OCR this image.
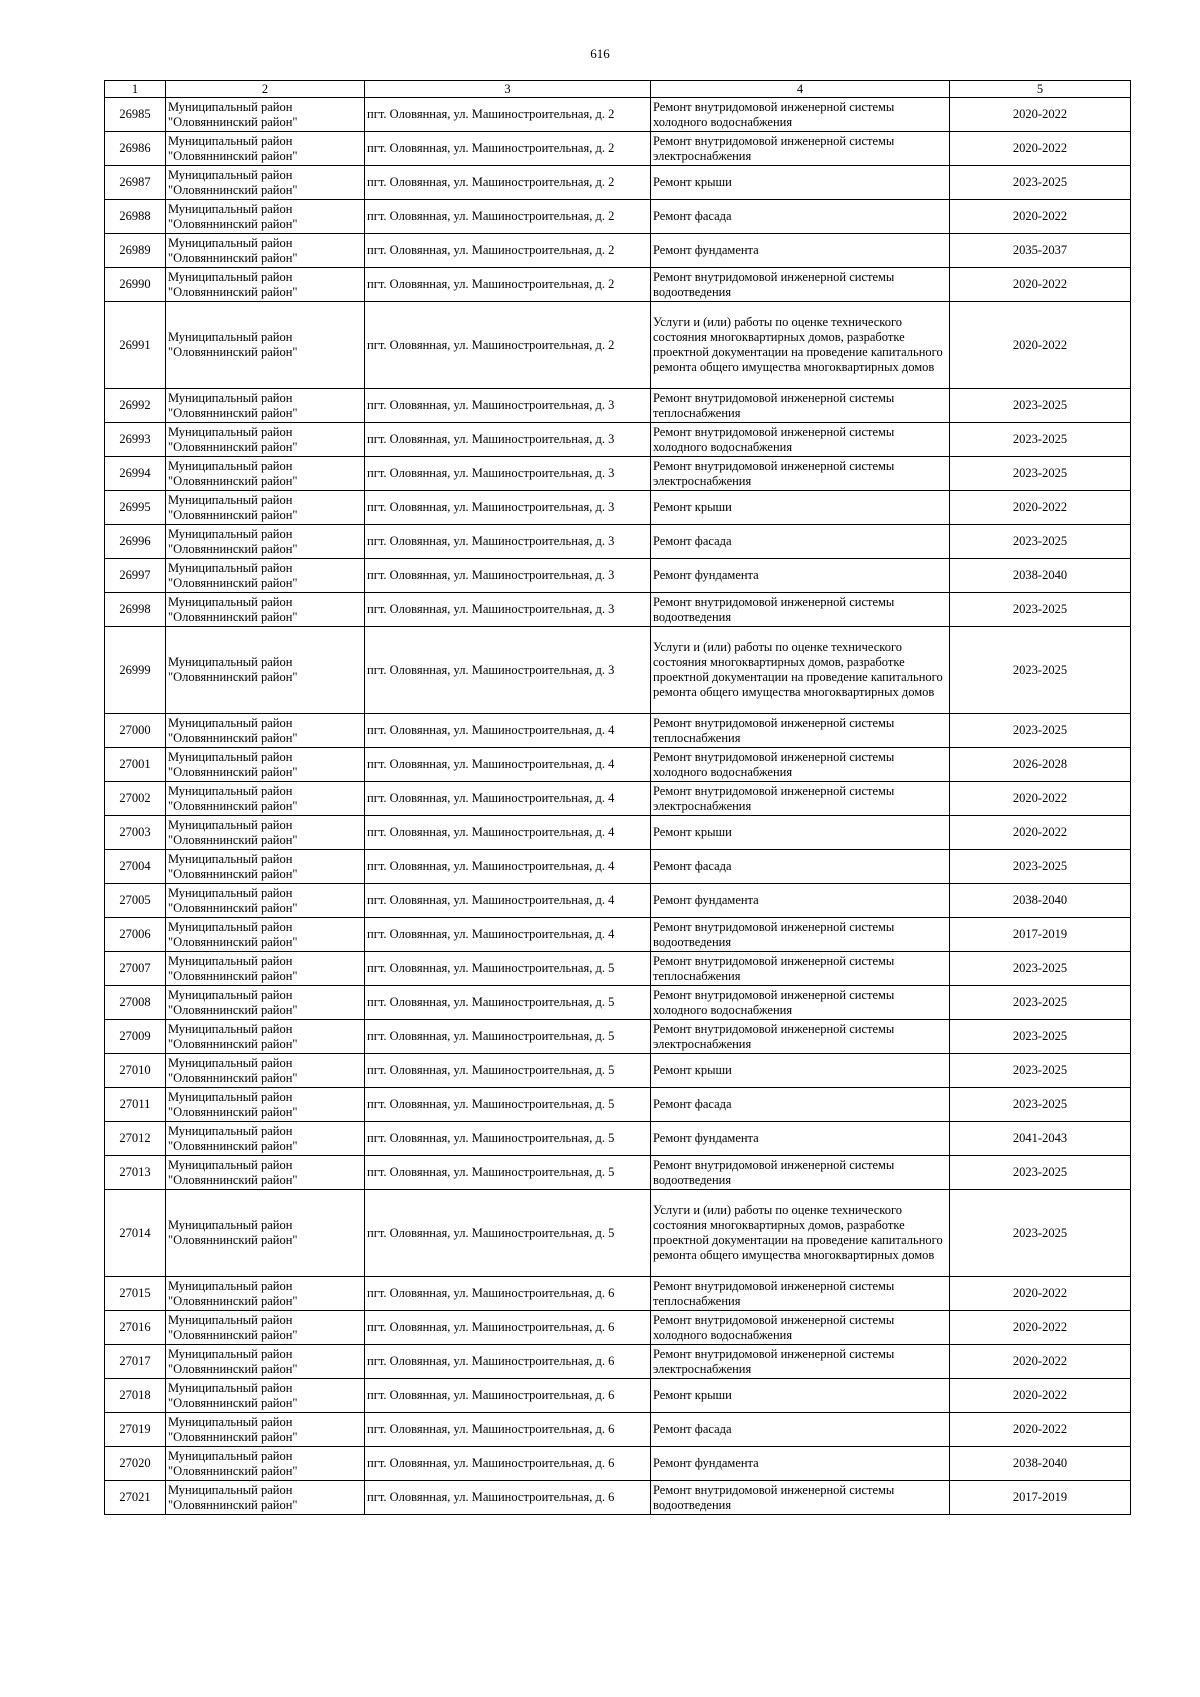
616
1	2	3	4	5
26985	Муниципальный район "Оловяннинский район"	пгт. Оловянная, ул. Машиностроительная, д. 2	Ремонт внутридомовой инженерной системы холодного водоснабжения	2020-2022
26986	Муниципальный район "Оловяннинский район"	пгт. Оловянная, ул. Машиностроительная, д. 2	Ремонт внутридомовой инженерной системы электроснабжения	2020-2022
26987	Муниципальный район "Оловяннинский район"	пгт. Оловянная, ул. Машиностроительная, д. 2	Ремонт крыши	2023-2025
26988	Муниципальный район "Оловяннинский район"	пгт. Оловянная, ул. Машиностроительная, д. 2	Ремонт фасада	2020-2022
26989	Муниципальный район "Оловяннинский район"	пгт. Оловянная, ул. Машиностроительная, д. 2	Ремонт фундамента	2035-2037
26990	Муниципальный район "Оловяннинский район"	пгт. Оловянная, ул. Машиностроительная, д. 2	Ремонт внутридомовой инженерной системы водоотведения	2020-2022
26991	Муниципальный район "Оловяннинский район"	пгт. Оловянная, ул. Машиностроительная, д. 2	Услуги и (или) работы по оценке технического состояния многоквартирных домов, разработке проектной документации на проведение капитального ремонта общего имущества многоквартирных домов	2020-2022
26992	Муниципальный район "Оловяннинский район"	пгт. Оловянная, ул. Машиностроительная, д. 3	Ремонт внутридомовой инженерной системы теплоснабжения	2023-2025
26993	Муниципальный район "Оловяннинский район"	пгт. Оловянная, ул. Машиностроительная, д. 3	Ремонт внутридомовой инженерной системы холодного водоснабжения	2023-2025
26994	Муниципальный район "Оловяннинский район"	пгт. Оловянная, ул. Машиностроительная, д. 3	Ремонт внутридомовой инженерной системы электроснабжения	2023-2025
26995	Муниципальный район "Оловяннинский район"	пгт. Оловянная, ул. Машиностроительная, д. 3	Ремонт крыши	2020-2022
26996	Муниципальный район "Оловяннинский район"	пгт. Оловянная, ул. Машиностроительная, д. 3	Ремонт фасада	2023-2025
26997	Муниципальный район "Оловяннинский район"	пгт. Оловянная, ул. Машиностроительная, д. 3	Ремонт фундамента	2038-2040
26998	Муниципальный район "Оловяннинский район"	пгт. Оловянная, ул. Машиностроительная, д. 3	Ремонт внутридомовой инженерной системы водоотведения	2023-2025
26999	Муниципальный район "Оловяннинский район"	пгт. Оловянная, ул. Машиностроительная, д. 3	Услуги и (или) работы по оценке технического состояния многоквартирных домов, разработке проектной документации на проведение капитального ремонта общего имущества многоквартирных домов	2023-2025
27000	Муниципальный район "Оловяннинский район"	пгт. Оловянная, ул. Машиностроительная, д. 4	Ремонт внутридомовой инженерной системы теплоснабжения	2023-2025
27001	Муниципальный район "Оловяннинский район"	пгт. Оловянная, ул. Машиностроительная, д. 4	Ремонт внутридомовой инженерной системы холодного водоснабжения	2026-2028
27002	Муниципальный район "Оловяннинский район"	пгт. Оловянная, ул. Машиностроительная, д. 4	Ремонт внутридомовой инженерной системы электроснабжения	2020-2022
27003	Муниципальный район "Оловяннинский район"	пгт. Оловянная, ул. Машиностроительная, д. 4	Ремонт крыши	2020-2022
27004	Муниципальный район "Оловяннинский район"	пгт. Оловянная, ул. Машиностроительная, д. 4	Ремонт фасада	2023-2025
27005	Муниципальный район "Оловяннинский район"	пгт. Оловянная, ул. Машиностроительная, д. 4	Ремонт фундамента	2038-2040
27006	Муниципальный район "Оловяннинский район"	пгт. Оловянная, ул. Машиностроительная, д. 4	Ремонт внутридомовой инженерной системы водоотведения	2017-2019
27007	Муниципальный район "Оловяннинский район"	пгт. Оловянная, ул. Машиностроительная, д. 5	Ремонт внутридомовой инженерной системы теплоснабжения	2023-2025
27008	Муниципальный район "Оловяннинский район"	пгт. Оловянная, ул. Машиностроительная, д. 5	Ремонт внутридомовой инженерной системы холодного водоснабжения	2023-2025
27009	Муниципальный район "Оловяннинский район"	пгт. Оловянная, ул. Машиностроительная, д. 5	Ремонт внутридомовой инженерной системы электроснабжения	2023-2025
27010	Муниципальный район "Оловяннинский район"	пгт. Оловянная, ул. Машиностроительная, д. 5	Ремонт крыши	2023-2025
27011	Муниципальный район "Оловяннинский район"	пгт. Оловянная, ул. Машиностроительная, д. 5	Ремонт фасада	2023-2025
27012	Муниципальный район "Оловяннинский район"	пгт. Оловянная, ул. Машиностроительная, д. 5	Ремонт фундамента	2041-2043
27013	Муниципальный район "Оловяннинский район"	пгт. Оловянная, ул. Машиностроительная, д. 5	Ремонт внутридомовой инженерной системы водоотведения	2023-2025
27014	Муниципальный район "Оловяннинский район"	пгт. Оловянная, ул. Машиностроительная, д. 5	Услуги и (или) работы по оценке технического состояния многоквартирных домов, разработке проектной документации на проведение капитального ремонта общего имущества многоквартирных домов	2023-2025
27015	Муниципальный район "Оловяннинский район"	пгт. Оловянная, ул. Машиностроительная, д. 6	Ремонт внутридомовой инженерной системы теплоснабжения	2020-2022
27016	Муниципальный район "Оловяннинский район"	пгт. Оловянная, ул. Машиностроительная, д. 6	Ремонт внутридомовой инженерной системы холодного водоснабжения	2020-2022
27017	Муниципальный район "Оловяннинский район"	пгт. Оловянная, ул. Машиностроительная, д. 6	Ремонт внутридомовой инженерной системы электроснабжения	2020-2022
27018	Муниципальный район "Оловяннинский район"	пгт. Оловянная, ул. Машиностроительная, д. 6	Ремонт крыши	2020-2022
27019	Муниципальный район "Оловяннинский район"	пгт. Оловянная, ул. Машиностроительная, д. 6	Ремонт фасада	2020-2022
27020	Муниципальный район "Оловяннинский район"	пгт. Оловянная, ул. Машиностроительная, д. 6	Ремонт фундамента	2038-2040
27021	Муниципальный район "Оловяннинский район"	пгт. Оловянная, ул. Машиностроительная, д. 6	Ремонт внутридомовой инженерной системы водоотведения	2017-2019
